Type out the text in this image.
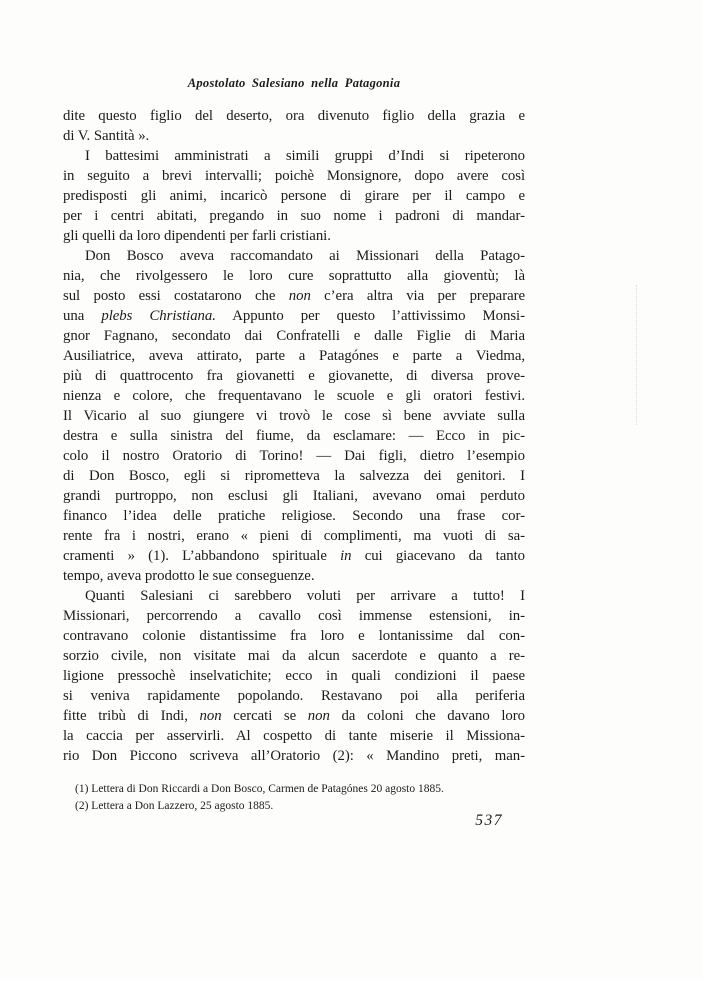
Apostolato Salesiano nella Patagonia
dite questo figlio del deserto, ora divenuto figlio della grazia e
di V. Santità ».
I battesimi amministrati a simili gruppi d’Indi si ripeterono
in seguito a brevi intervalli; poichè Monsignore, dopo avere così
predisposti gli animi, incaricò persone di girare per il campo e
per i centri abitati, pregando in suo nome i padroni di mandar-
gli quelli da loro dipendenti per farli cristiani.
Don Bosco aveva raccomandato ai Missionari della Patago-
nia, che rivolgessero le loro cure soprattutto alla gioventù; là
sul posto essi costatarono che non c’era altra via per preparare
una plebs Christiana. Appunto per questo l’attivissimo Monsi-
gnor Fagnano, secondato dai Confratelli e dalle Figlie di Maria
Ausiliatrice, aveva attirato, parte a Patagónes e parte a Viedma,
più di quattrocento fra giovanetti e giovanette, di diversa prove-
nienza e colore, che frequentavano le scuole e gli oratori festivi.
Il Vicario al suo giungere vi trovò le cose sì bene avviate sulla
destra e sulla sinistra del fiume, da esclamare: — Ecco in pic-
colo il nostro Oratorio di Torino! — Dai figli, dietro l’esempio
di Don Bosco, egli si riprometteva la salvezza dei genitori. I
grandi purtroppo, non esclusi gli Italiani, avevano omai perduto
financo l’idea delle pratiche religiose. Secondo una frase cor-
rente fra i nostri, erano « pieni di complimenti, ma vuoti di sa-
cramenti » (1). L’abbandono spirituale in cui giacevano da tanto
tempo, aveva prodotto le sue conseguenze.
Quanti Salesiani ci sarebbero voluti per arrivare a tutto! I
Missionari, percorrendo a cavallo così immense estensioni, in-
contravano colonie distantissime fra loro e lontanissime dal con-
sorzio civile, non visitate mai da alcun sacerdote e quanto a re-
ligione pressochè inselvatichite; ecco in quali condizioni il paese
si veniva rapidamente popolando. Restavano poi alla periferia
fitte tribù di Indi, non cercati se non da coloni che davano loro
la caccia per asservirli. Al cospetto di tante miserie il Missiona-
rio Don Piccono scriveva all’Oratorio (2): « Mandino preti, man-
(1) Lettera di Don Riccardi a Don Bosco, Carmen de Patagónes 20 agosto 1885.
(2) Lettera a Don Lazzero, 25 agosto 1885.
537
